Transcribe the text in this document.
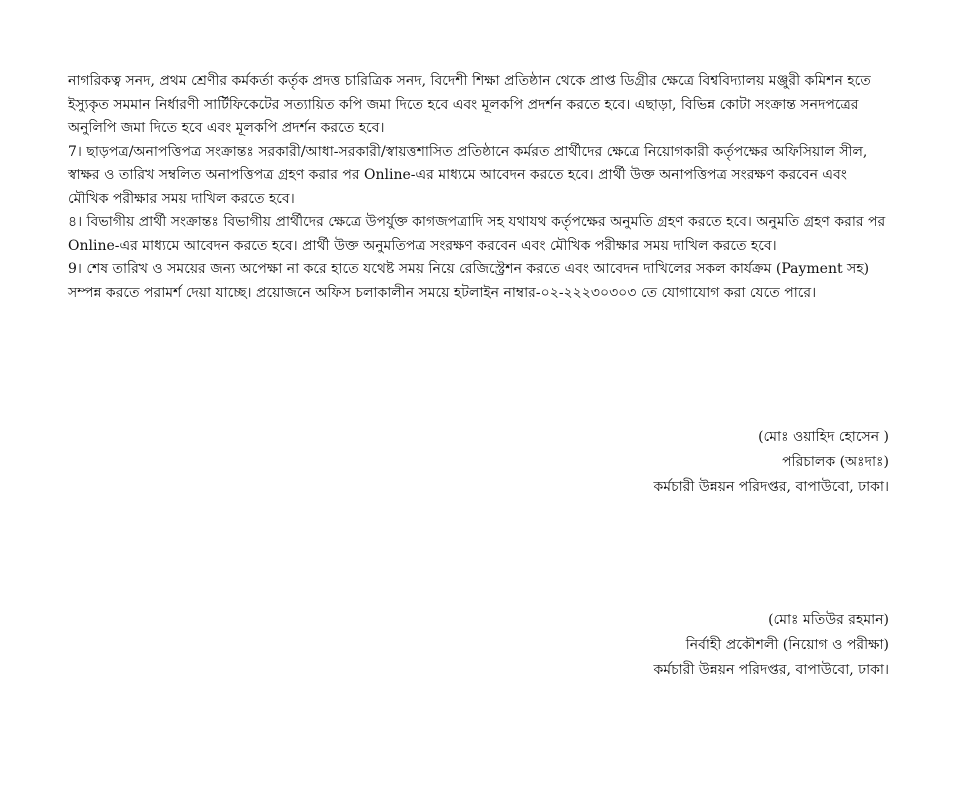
নাগরিকত্ব সনদ, প্রথম শ্রেণীর কর্মকর্তা কর্তৃক প্রদত্ত চারিত্রিক সনদ, বিদেশী শিক্ষা প্রতিষ্ঠান থেকে প্রাপ্ত ডিগ্রীর ক্ষেত্রে বিশ্ববিদ্যালয় মঞ্জুরী কমিশন হতে ইস্যুকৃত সমমান নির্ধারণী সার্টিফিকেটের সত্যায়িত কপি জমা দিতে হবে এবং মূলকপি প্রদর্শন করতে হবে। এছাড়া, বিভিন্ন কোটা সংক্রান্ত সনদপত্রের অনুলিপি জমা দিতে হবে এবং মূলকপি প্রদর্শন করতে হবে।

7। ছাড়পত্র/অনাপত্তিপত্র সংক্রান্তঃ সরকারী/আধা-সরকারী/স্বায়ত্তশাসিত প্রতিষ্ঠানে কর্মরত প্রার্থীদের ক্ষেত্রে নিয়োগকারী কর্তৃপক্ষের অফিসিয়াল সীল, স্বাক্ষর ও তারিখ সম্বলিত অনাপত্তিপত্র গ্রহণ করার পর Online-এর মাধ্যমে আবেদন করতে হবে। প্রার্থী উক্ত অনাপত্তিপত্র সংরক্ষণ করবেন এবং মৌখিক পরীক্ষার সময় দাখিল করতে হবে।

৪। বিভাগীয় প্রার্থী সংক্রান্তঃ বিভাগীয় প্রার্থীদের ক্ষেত্রে উপর্যুক্ত কাগজপত্রাদি সহ যথাযথ কর্তৃপক্ষের অনুমতি গ্রহণ করতে হবে। অনুমতি গ্রহণ করার পর Online-এর মাধ্যমে আবেদন করতে হবে। প্রার্থী উক্ত অনুমতিপত্র সংরক্ষণ করবেন এবং মৌখিক পরীক্ষার সময় দাখিল করতে হবে।

9। শেষ তারিখ ও সময়ের জন্য অপেক্ষা না করে হাতে যথেষ্ট সময় নিয়ে রেজিস্ট্রেশন করতে এবং আবেদন দাখিলের সকল কার্যক্রম (Payment সহ) সম্পন্ন করতে পরামর্শ দেয়া যাচ্ছে। প্রয়োজনে অফিস চলাকালীন সময়ে হটলাইন নাম্বার-০২-২২২৩০৩০৩ তে যোগাযোগ করা যেতে পারে।

(মোঃ ওয়াহিদ হোসেন )
পরিচালক (অঃদাঃ)
কর্মচারী উন্নয়ন পরিদপ্তর, বাপাউবো, ঢাকা।
(মোঃ মতিউর রহমান)
নির্বাহী প্রকৌশলী (নিয়োগ ও পরীক্ষা)
কর্মচারী উন্নয়ন পরিদপ্তর, বাপাউবো, ঢাকা।
